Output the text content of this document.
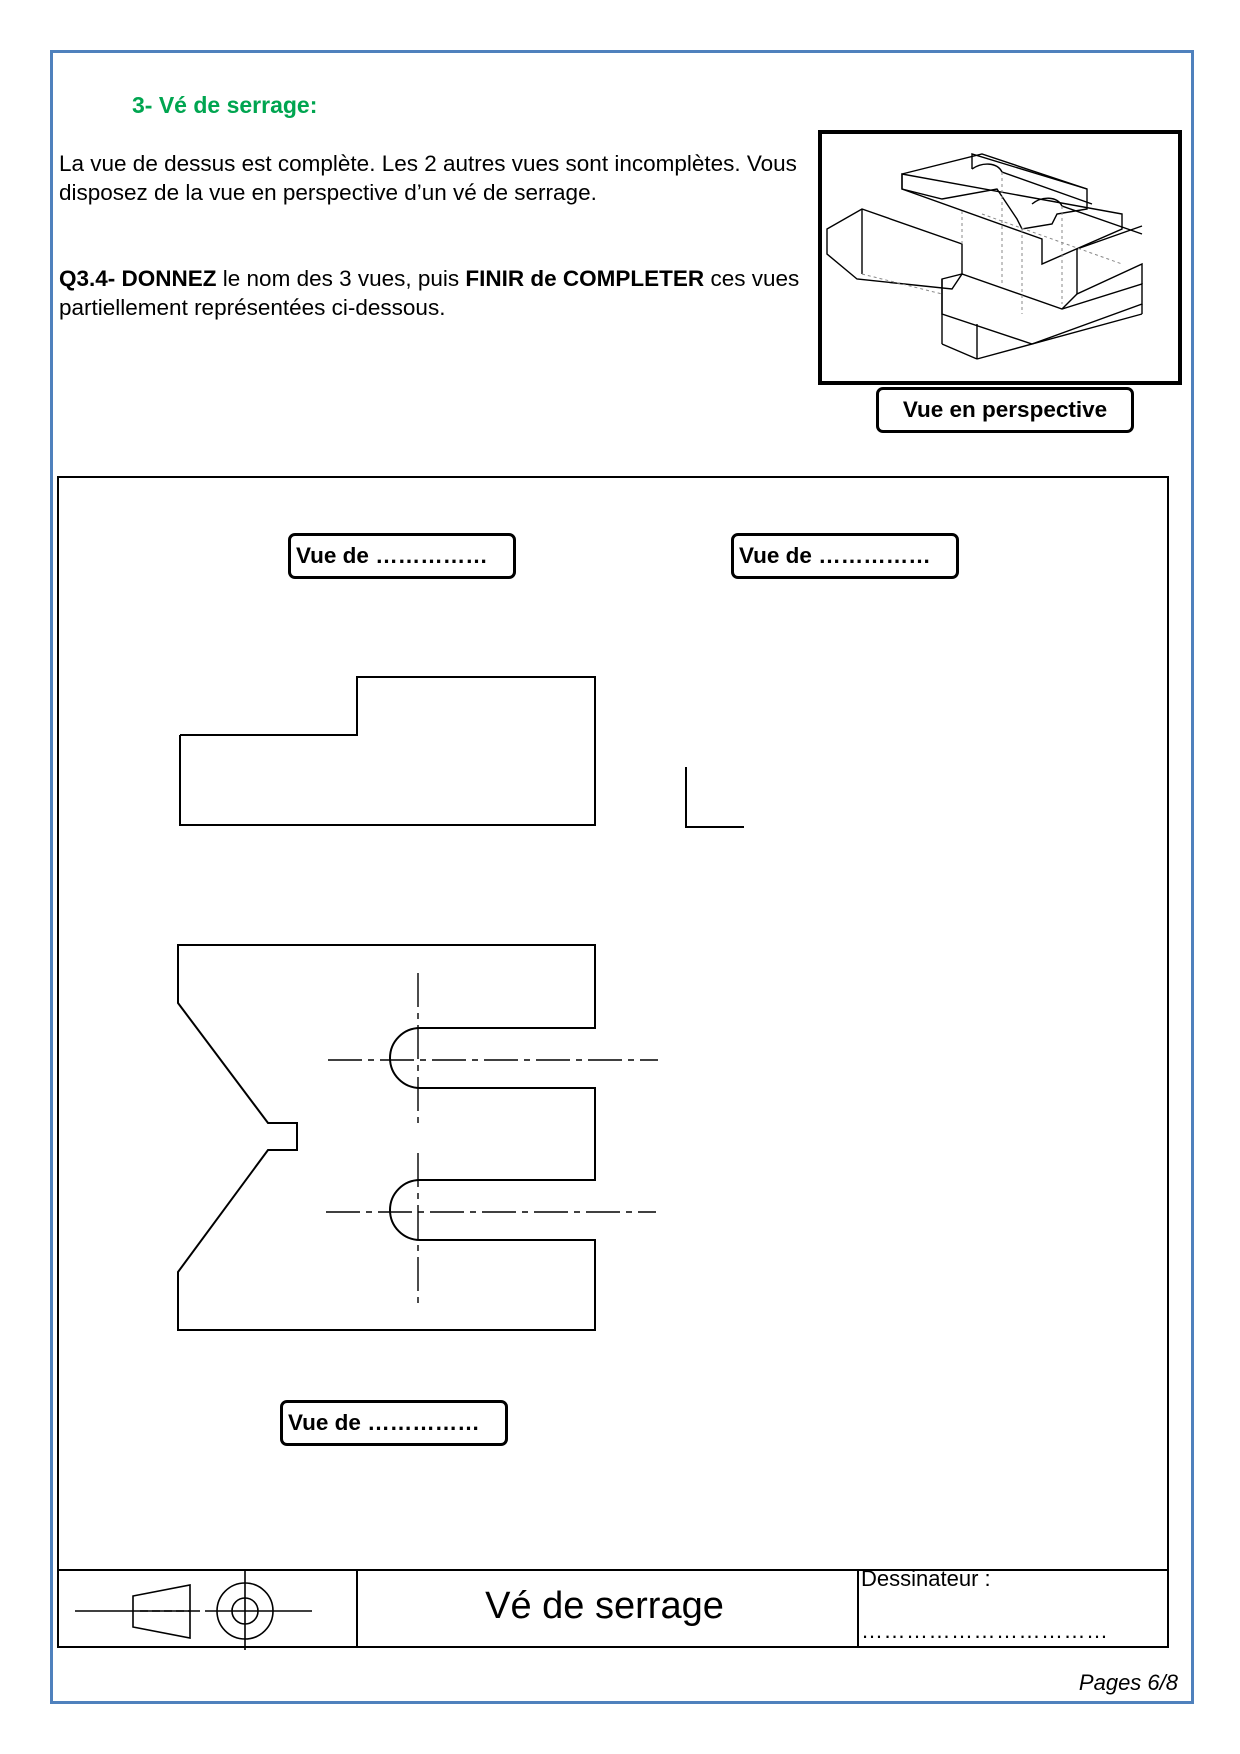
3- Vé de serrage:

La vue de dessus est complète. Les 2 autres vues sont incomplètes. Vous disposez de la vue en perspective d’un vé de serrage.

Q3.4- DONNEZ le nom des 3 vues, puis FINIR de COMPLETER ces vues partiellement représentées ci-dessous.

Vue en perspective
Vue de ……………	Vue de ……………
Vue de ……………
Vé de serrage
Dessinateur :
……………………………
Pages 6/8
